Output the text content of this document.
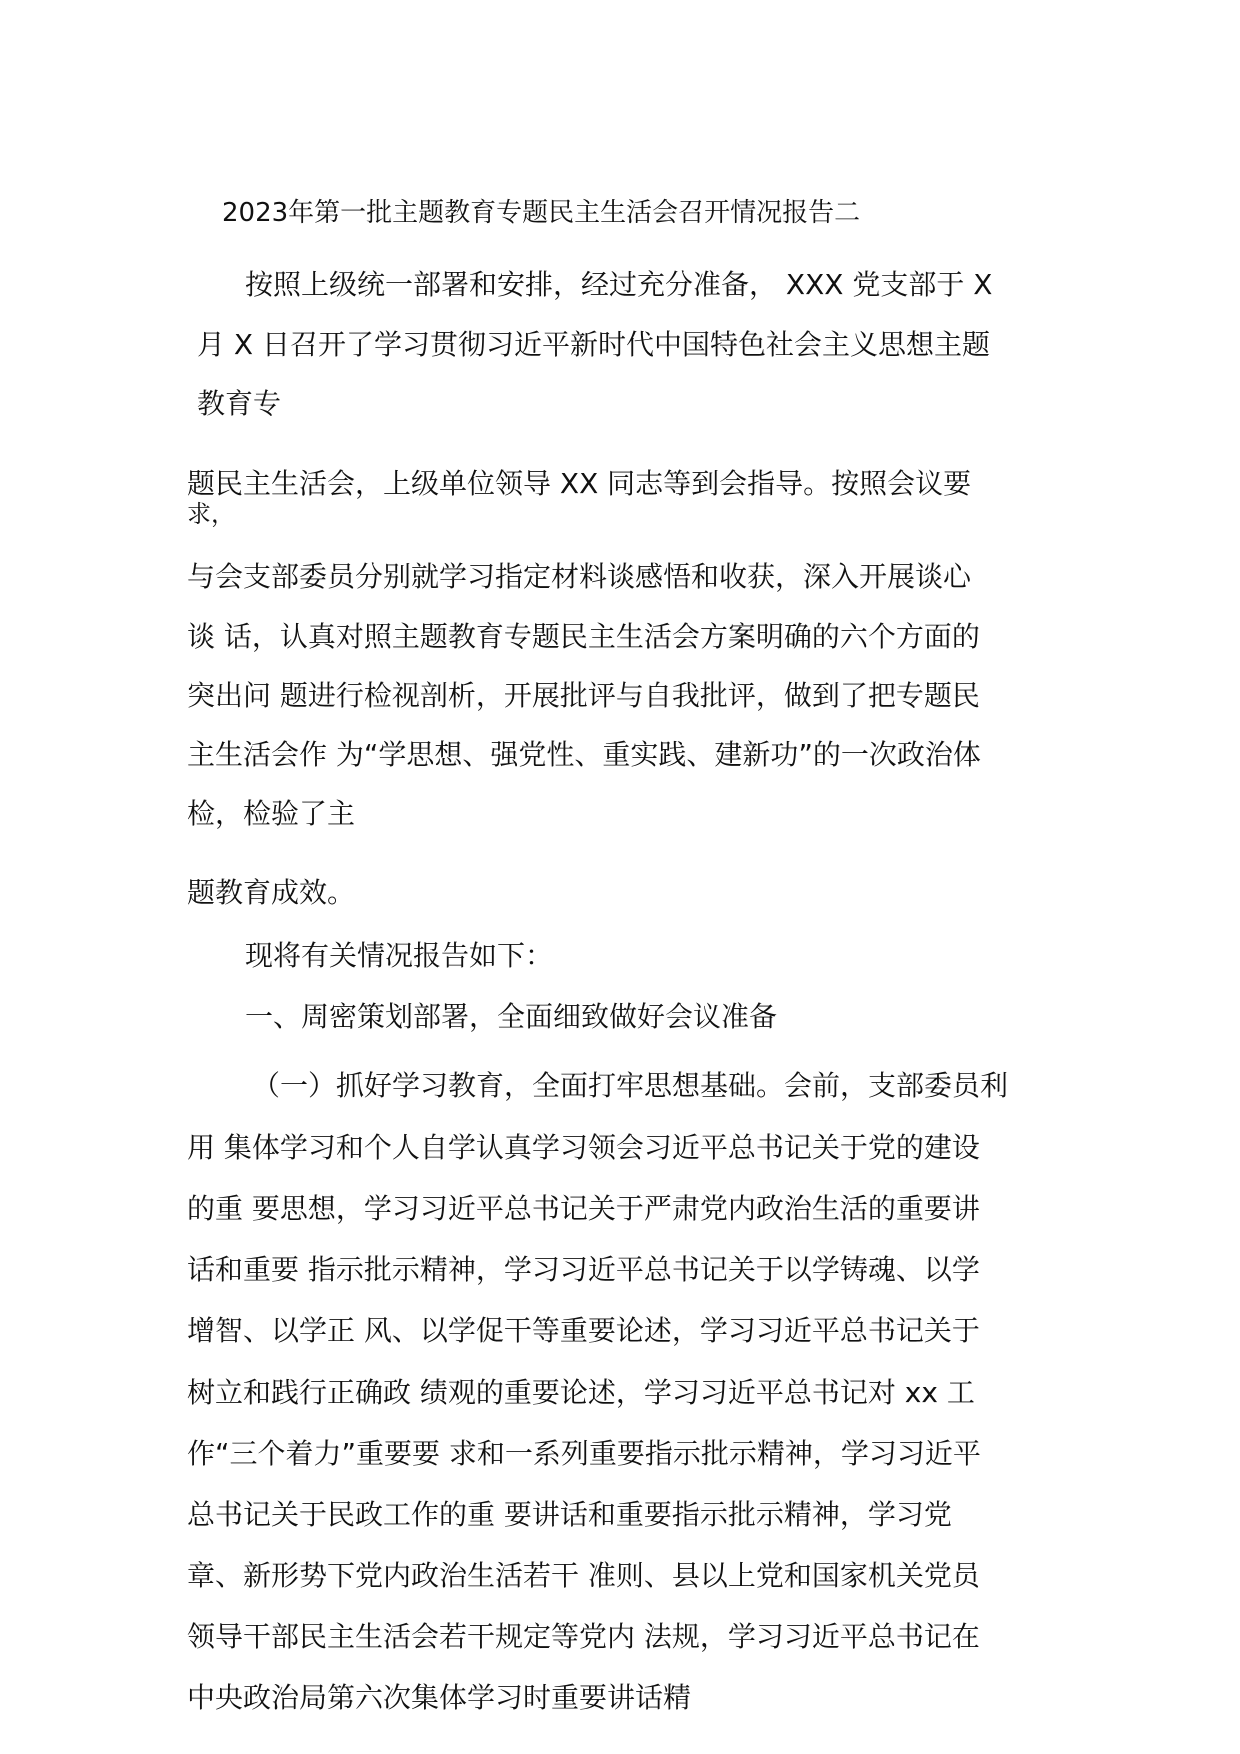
2023年第一批主题教育专题民主生活会召开情况报告二
按照上级统一部署和安排，经过充分准备， XXX 党支部于 X
月 X 日召开了学习贯彻习近平新时代中国特色社会主义思想主题
教育专
题民主生活会，上级单位领导 XX 同志等到会指导。按照会议要
求，
与会支部委员分别就学习指定材料谈感悟和收获，深入开展谈心
谈 话，认真对照主题教育专题民主生活会方案明确的六个方面的
突出问 题进行检视剖析，开展批评与自我批评，做到了把专题民
主生活会作 为“学思想、强党性、重实践、建新功”的一次政治体
检，检验了主
题教育成效。
现将有关情况报告如下：
一、周密策划部署，全面细致做好会议准备
（一）抓好学习教育，全面打牢思想基础。会前，支部委员利
用 集体学习和个人自学认真学习领会习近平总书记关于党的建设
的重 要思想，学习习近平总书记关于严肃党内政治生活的重要讲
话和重要 指示批示精神，学习习近平总书记关于以学铸魂、以学
增智、以学正 风、以学促干等重要论述，学习习近平总书记关于
树立和践行正确政 绩观的重要论述，学习习近平总书记对 xx 工
作“三个着力”重要要 求和一系列重要指示批示精神，学习习近平
总书记关于民政工作的重 要讲话和重要指示批示精神，学习党
章、新形势下党内政治生活若干 准则、县以上党和国家机关党员
领导干部民主生活会若干规定等党内 法规，学习习近平总书记在
中央政治局第六次集体学习时重要讲话精
